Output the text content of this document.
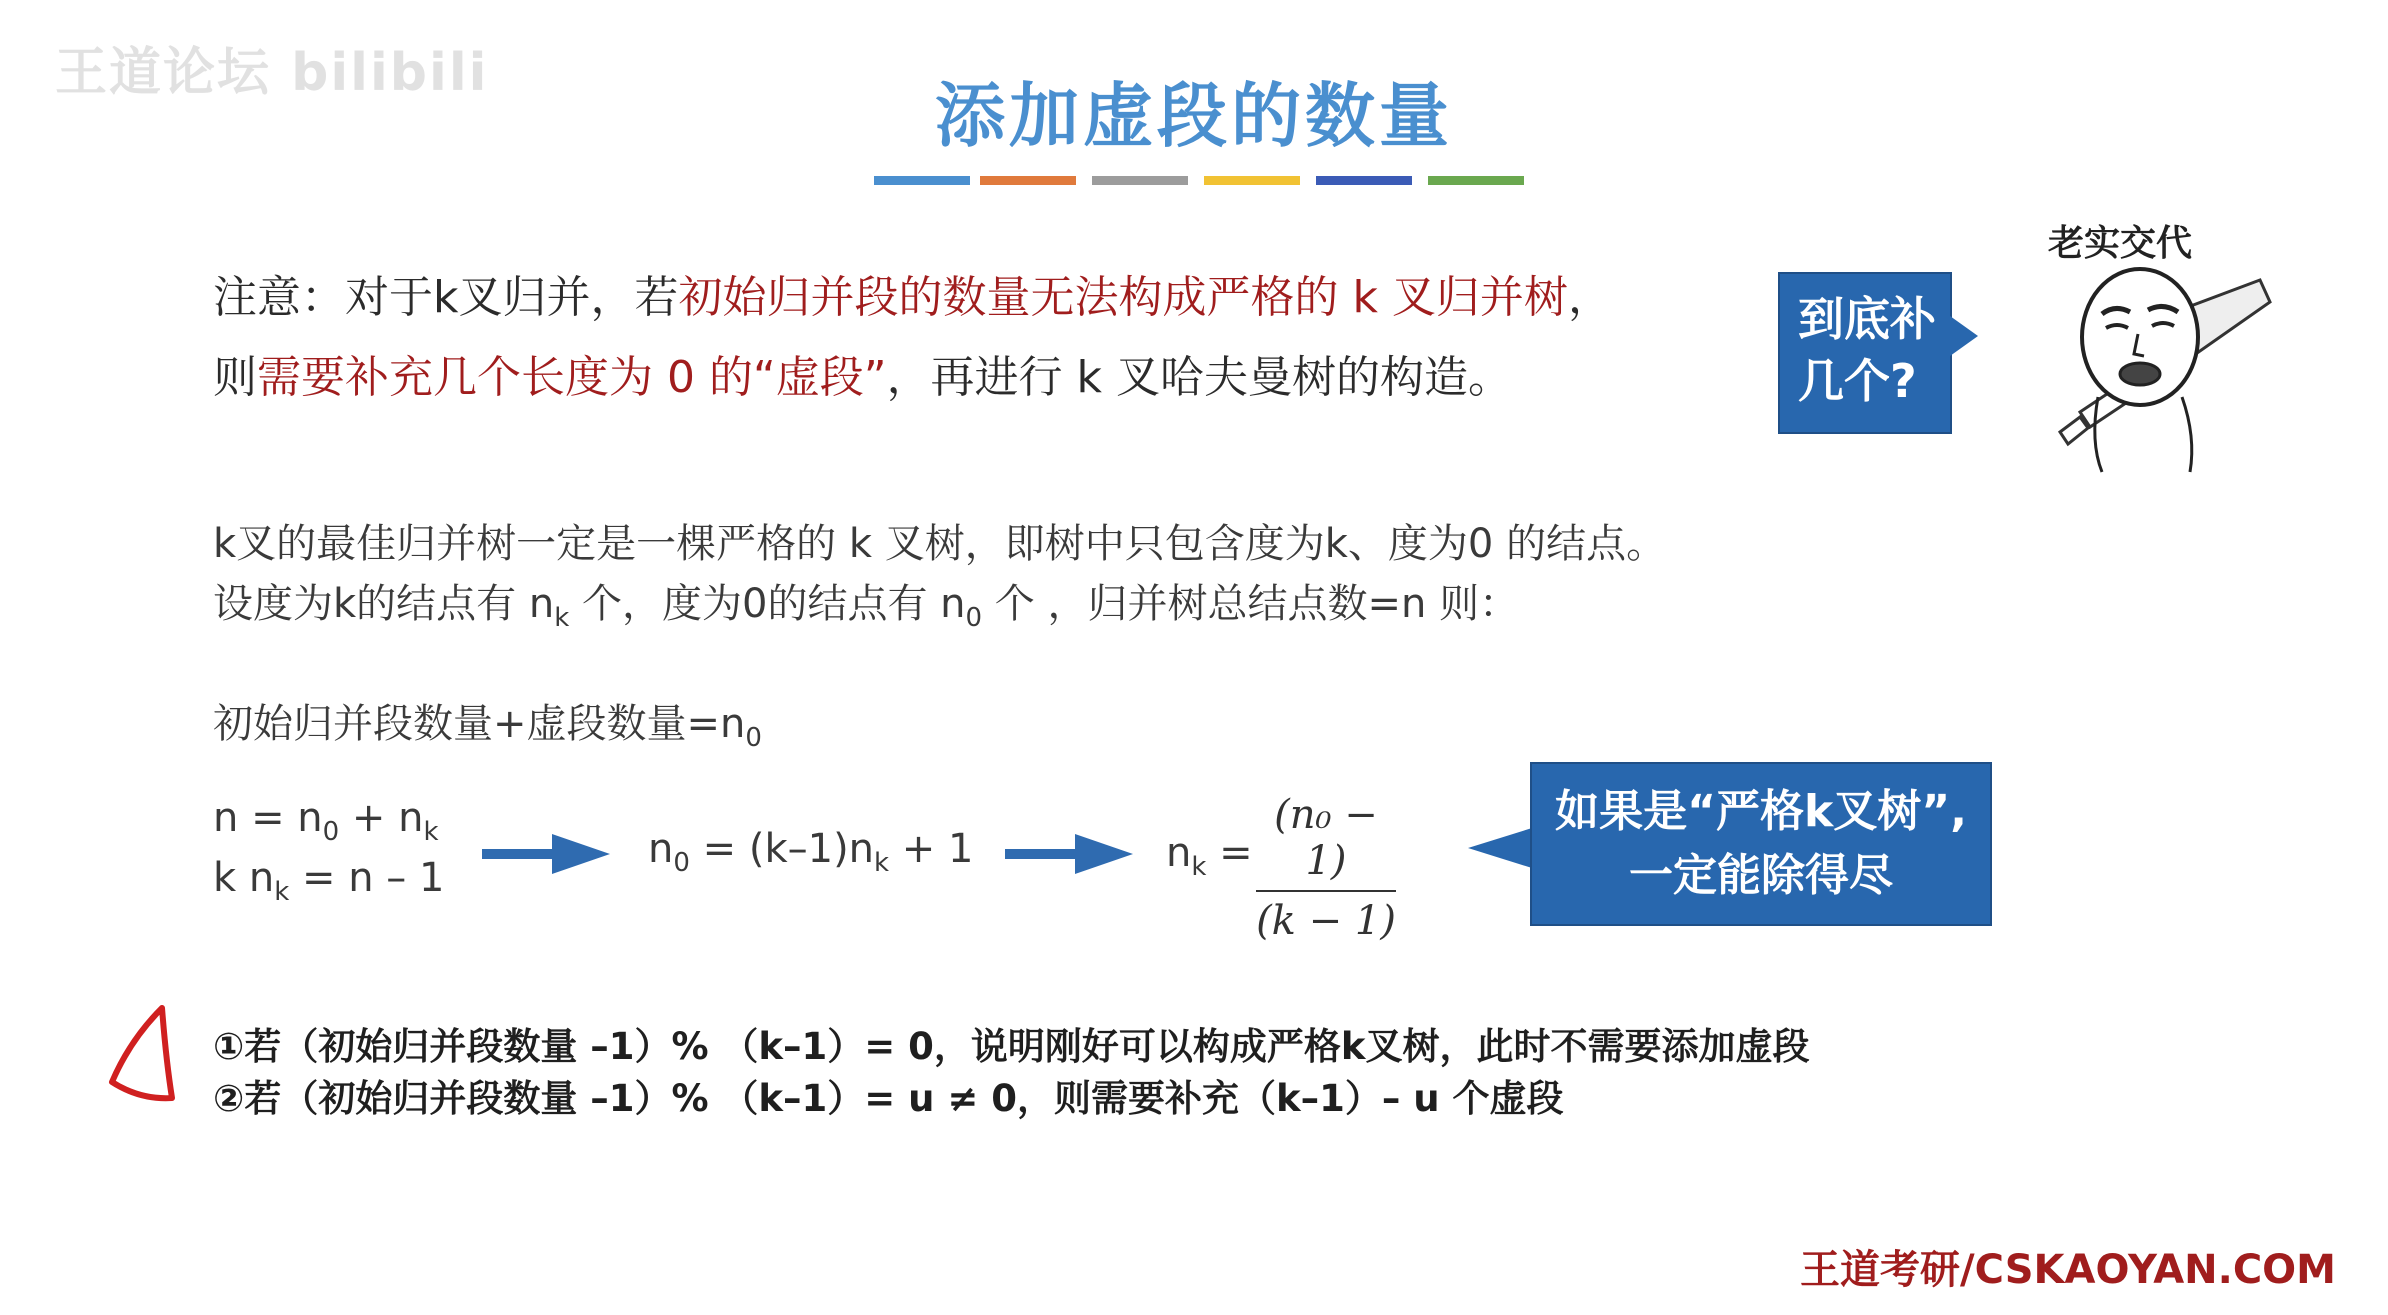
王道论坛 bilibili
添加虚段的数量
注意：对于k叉归并，若初始归并段的数量无法构成严格的 k 叉归并树，
则需要补充几个长度为 0 的“虚段”，再进行 k 叉哈夫曼树的构造。
到底补
几个?
老实交代
k叉的最佳归并树一定是一棵严格的 k 叉树，即树中只包含度为k、度为0 的结点。
设度为k的结点有 $n_k$ 个，度为0的结点有 $n_0$ 个 ，归并树总结点数=n 则：
初始归并段数量+虚段数量$=n_0$
$n = n_0 + n_k$
k $n_k = n - 1$
$n_0 = (k-1)n_k + 1$	$n_k$ =
(n₀ − 1)
(k − 1)
如果是“严格k叉树”,
一定能除得尽
①若（初始归并段数量 –1）% （k–1）= 0，说明刚好可以构成严格k叉树，此时不需要添加虚段
②若（初始归并段数量 –1）% （k–1）= u ≠ 0，则需要补充（k–1）– u 个虚段
王道考研/CSKAOYAN.COM
